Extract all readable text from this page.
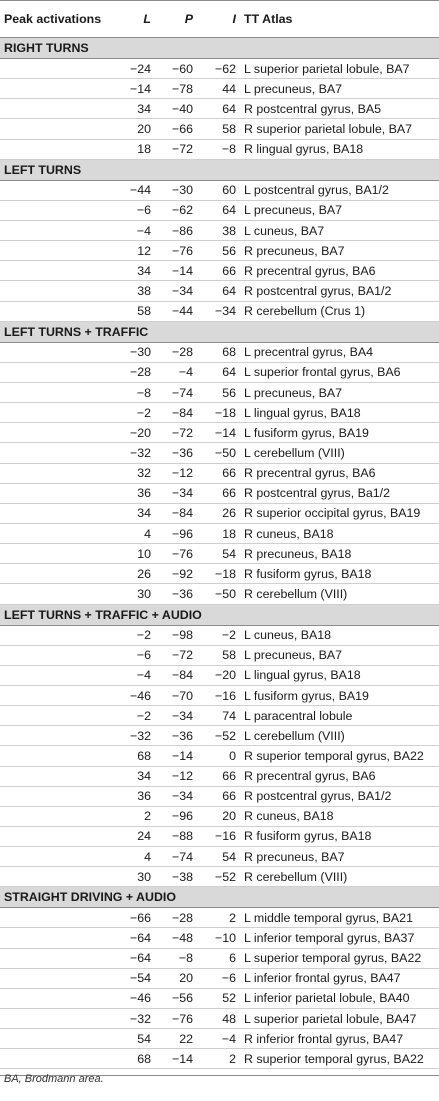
Peak activations	L	P	I	TT Atlas
RIGHT TURNS				
	−24	−60	−62	L superior parietal lobule, BA7
	−14	−78	44	L precuneus, BA7
	34	−40	64	R postcentral gyrus, BA5
	20	−66	58	R superior parietal lobule, BA7
	18	−72	−8	R lingual gyrus, BA18
LEFT TURNS				
	−44	−30	60	L postcentral gyrus, BA1/2
	−6	−62	64	L precuneus, BA7
	−4	−86	38	L cuneus, BA7
	12	−76	56	R precuneus, BA7
	34	−14	66	R precentral gyrus, BA6
	38	−34	64	R postcentral gyrus, BA1/2
	58	−44	−34	R cerebellum (Crus 1)
LEFT TURNS + TRAFFIC				
	−30	−28	68	L precentral gyrus, BA4
	−28	−4	64	L superior frontal gyrus, BA6
	−8	−74	56	L precuneus, BA7
	−2	−84	−18	L lingual gyrus, BA18
	−20	−72	−14	L fusiform gyrus, BA19
	−32	−36	−50	L cerebellum (VIII)
	32	−12	66	R precentral gyrus, BA6
	36	−34	66	R postcentral gyrus, Ba1/2
	34	−84	26	R superior occipital gyrus, BA19
	4	−96	18	R cuneus, BA18
	10	−76	54	R precuneus, BA18
	26	−92	−18	R fusiform gyrus, BA18
	30	−36	−50	R cerebellum (VIII)
LEFT TURNS + TRAFFIC + AUDIO				
	−2	−98	−2	L cuneus, BA18
	−6	−72	58	L precuneus, BA7
	−4	−84	−20	L lingual gyrus, BA18
	−46	−70	−16	L fusiform gyrus, BA19
	−2	−34	74	L paracentral lobule
	−32	−36	−52	L cerebellum (VIII)
	68	−14	0	R superior temporal gyrus, BA22
	34	−12	66	R precentral gyrus, BA6
	36	−34	66	R postcentral gyrus, BA1/2
	2	−96	20	R cuneus, BA18
	24	−88	−16	R fusiform gyrus, BA18
	4	−74	54	R precuneus, BA7
	30	−38	−52	R cerebellum (VIII)
STRAIGHT DRIVING + AUDIO				
	−66	−28	2	L middle temporal gyrus, BA21
	−64	−48	−10	L inferior temporal gyrus, BA37
	−64	−8	6	L superior temporal gyrus, BA22
	−54	20	−6	L inferior frontal gyrus, BA47
	−46	−56	52	L inferior parietal lobule, BA40
	−32	−76	48	L superior parietal lobule, BA47
	54	22	−4	R inferior frontal gyrus, BA47
	68	−14	2	R superior temporal gyrus, BA22
BA, Brodmann area.
